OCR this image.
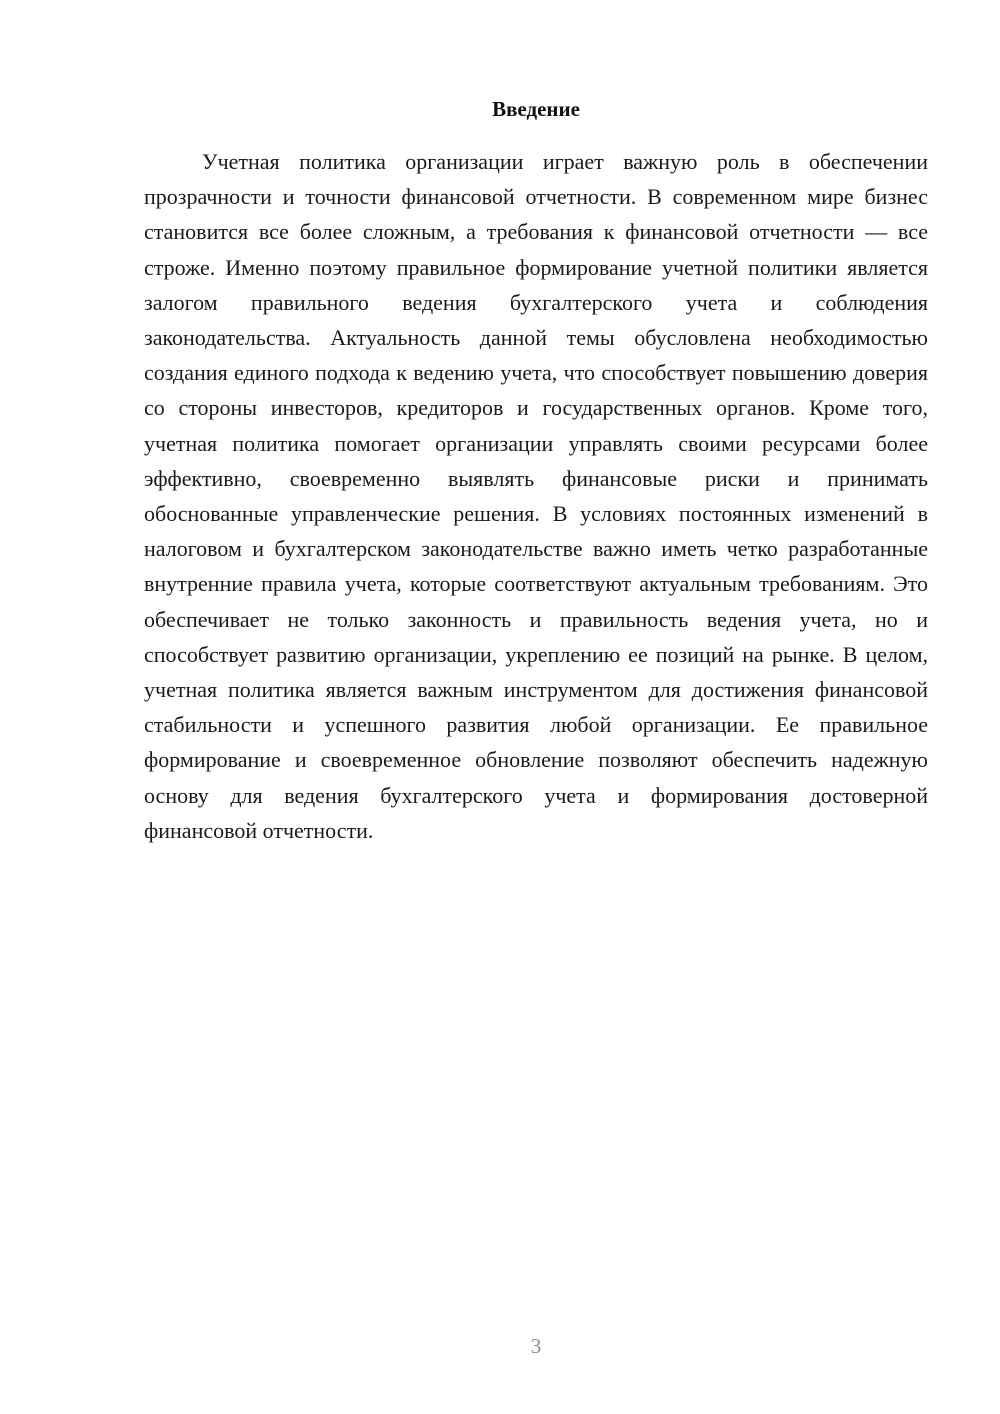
Введение

Учетная политика организации играет важную роль в обеспечении прозрачности и точности финансовой отчетности. В современном мире бизнес становится все более сложным, а требования к финансовой отчетности — все строже. Именно поэтому правильное формирование учетной политики является залогом правильного ведения бухгалтерского учета и соблюдения законодательства. Актуальность данной темы обусловлена необходимостью создания единого подхода к ведению учета, что способствует повышению доверия со стороны инвесторов, кредиторов и государственных органов. Кроме того, учетная политика помогает организации управлять своими ресурсами более эффективно, своевременно выявлять финансовые риски и принимать обоснованные управленческие решения. В условиях постоянных изменений в налоговом и бухгалтерском законодательстве важно иметь четко разработанные внутренние правила учета, которые соответствуют актуальным требованиям. Это обеспечивает не только законность и правильность ведения учета, но и способствует развитию организации, укреплению ее позиций на рынке. В целом, учетная политика является важным инструментом для достижения финансовой стабильности и успешного развития любой организации. Ее правильное формирование и своевременное обновление позволяют обеспечить надежную основу для ведения бухгалтерского учета и формирования достоверной финансовой отчетности.

3
